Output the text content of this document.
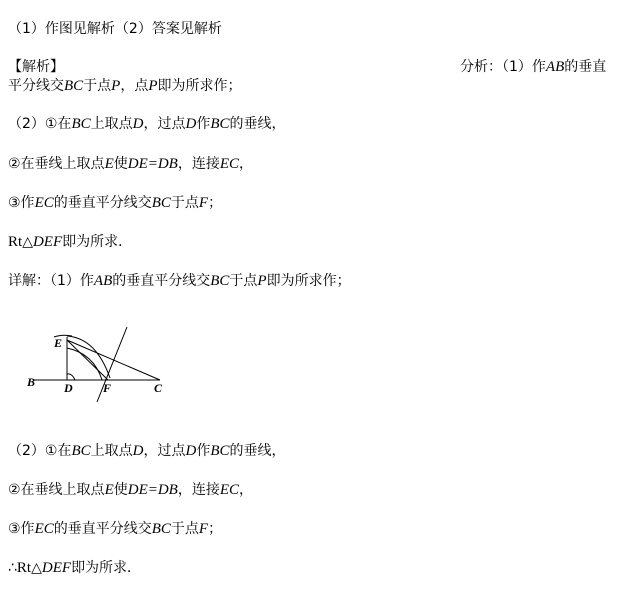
（1）作图见解析（2）答案见解析
【解析】	分析：（1）作AB的垂直
平分线交BC于点P，点P即为所求作；
（2）①在BC上取点D，过点D作BC的垂线，
②在垂线上取点E使DE=DB，连接EC，
③作EC的垂直平分线交BC于点F；
Rt△DEF即为所求．
详解：（1）作AB的垂直平分线交BC于点P即为所求作；
（2）①在BC上取点D，过点D作BC的垂线，
②在垂线上取点E使DE=DB，连接EC，
③作EC的垂直平分线交BC于点F；
∴Rt△DEF即为所求．
B D
E
F	C
